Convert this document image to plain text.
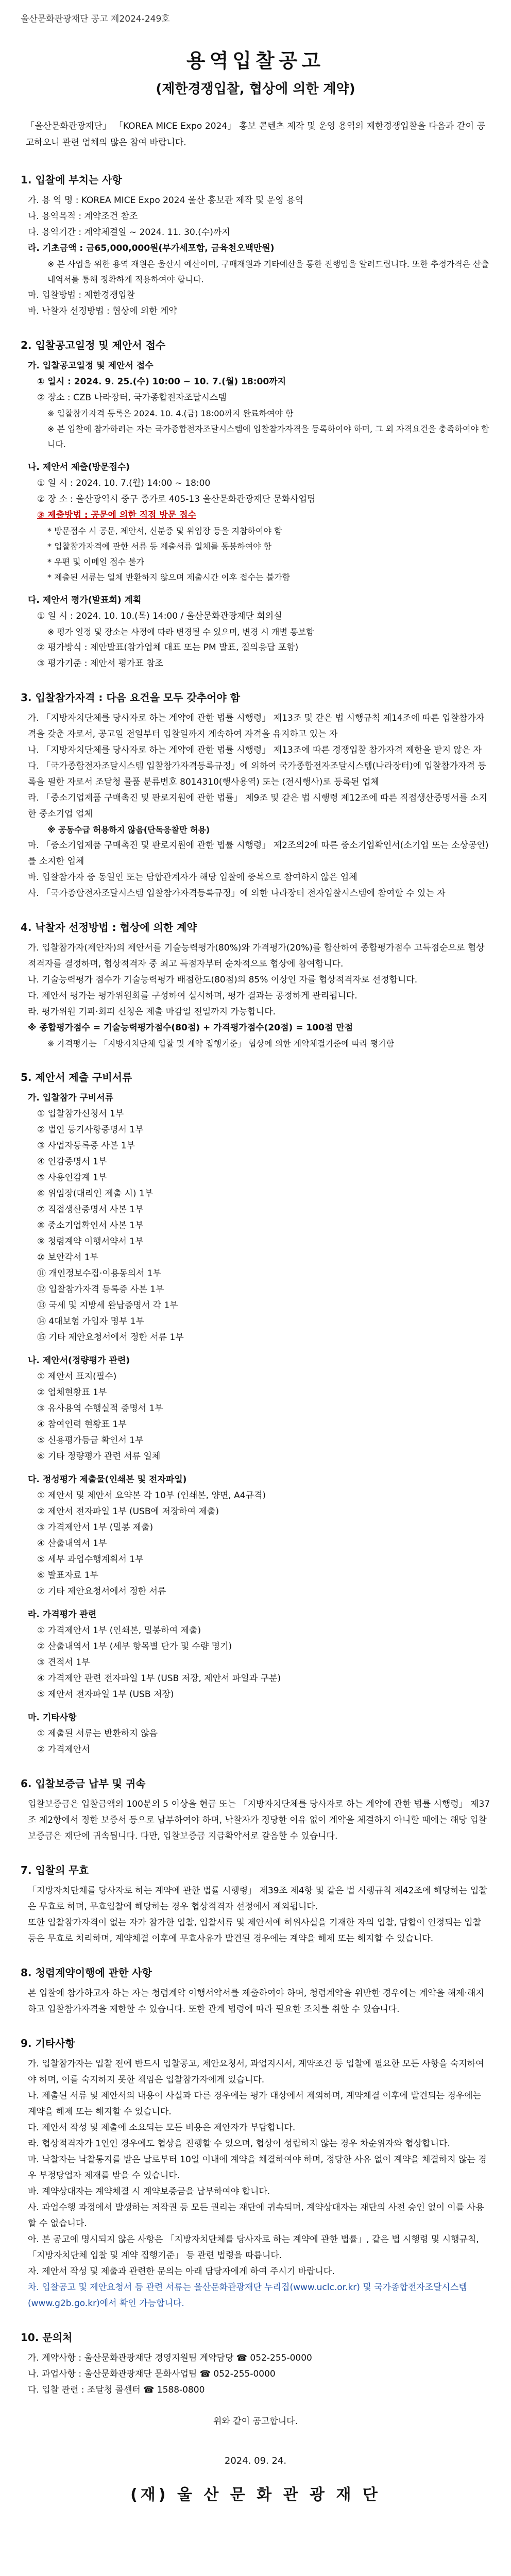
울산문화관광재단 공고 제2024-249호
용역입찰공고
(제한경쟁입찰, 협상에 의한 계약)
「울산문화관광재단」 「KOREA MICE Expo 2024」 홍보 콘텐츠 제작 및 운영 용역의 제한경쟁입찰을 다음과 같이 공고하오니 관련 업체의 많은 참여 바랍니다.
1. 입찰에 부치는 사항

가. 용 역 명 : KOREA MICE Expo 2024 울산 홍보관 제작 및 운영 용역

나. 용역목적 : 계약조건 참조

다. 용역기간 : 계약체결일 ~ 2024. 11. 30.(수)까지

라. 기초금액 : 금65,000,000원(부가세포함, 금육천오백만원)

※ 본 사업을 위한 용역 재원은 울산시 예산이며, 구매재원과 기타예산을 통한 진행임을 알려드립니다. 또한 추정가격은 산출내역서를 통해 정확하게 적용하여야 합니다.

마. 입찰방법 : 제한경쟁입찰

바. 낙찰자 선정방법 : 협상에 의한 계약

2. 입찰공고일정 및 제안서 접수

가. 입찰공고일정 및 제안서 접수

① 일시 : 2024. 9. 25.(수) 10:00 ~ 10. 7.(월) 18:00까지

② 장소 : CZB 나라장터, 국가종합전자조달시스템

※ 입찰참가자격 등록은 2024. 10. 4.(금) 18:00까지 완료하여야 함

※ 본 입찰에 참가하려는 자는 국가종합전자조달시스템에 입찰참가자격을 등록하여야 하며, 그 외 자격요건을 충족하여야 합니다.

나. 제안서 제출(방문접수)

① 일 시 : 2024. 10. 7.(월) 14:00 ~ 18:00

② 장 소 : 울산광역시 중구 종가로 405-13 울산문화관광재단 문화사업팀

③ 제출방법 : 공문에 의한 직접 방문 접수

* 방문접수 시 공문, 제안서, 신분증 및 위임장 등을 지참하여야 함

* 입찰참가자격에 관한 서류 등 제출서류 일체를 동봉하여야 함

* 우편 및 이메일 접수 불가

* 제출된 서류는 일체 반환하지 않으며 제출시간 이후 접수는 불가함

다. 제안서 평가(발표회) 계획

① 일 시 : 2024. 10. 10.(목) 14:00 / 울산문화관광재단 회의실

※ 평가 일정 및 장소는 사정에 따라 변경될 수 있으며, 변경 시 개별 통보함

② 평가방식 : 제안발표(참가업체 대표 또는 PM 발표, 질의응답 포함)

③ 평가기준 : 제안서 평가표 참조

3. 입찰참가자격 : 다음 요건을 모두 갖추어야 함

가. 「지방자치단체를 당사자로 하는 계약에 관한 법률 시행령」 제13조 및 같은 법 시행규칙 제14조에 따른 입찰참가자격을 갖춘 자로서, 공고일 전일부터 입찰일까지 계속하여 자격을 유지하고 있는 자

나. 「지방자치단체를 당사자로 하는 계약에 관한 법률 시행령」 제13조에 따른 경쟁입찰 참가자격 제한을 받지 않은 자

다. 「국가종합전자조달시스템 입찰참가자격등록규정」에 의하여 국가종합전자조달시스템(나라장터)에 입찰참가자격 등록을 필한 자로서 조달청 물품 분류번호 8014310(행사용역) 또는 (전시행사)로 등록된 업체

라. 「중소기업제품 구매촉진 및 판로지원에 관한 법률」 제9조 및 같은 법 시행령 제12조에 따른 직접생산증명서를 소지한 중소기업 업체

※ 공동수급 허용하지 않음(단독응찰만 허용)

마. 「중소기업제품 구매촉진 및 판로지원에 관한 법률 시행령」 제2조의2에 따른 중소기업확인서(소기업 또는 소상공인)를 소지한 업체

바. 입찰참가자 중 동일인 또는 담합관계자가 해당 입찰에 중복으로 참여하지 않은 업체

사. 「국가종합전자조달시스템 입찰참가자격등록규정」에 의한 나라장터 전자입찰시스템에 참여할 수 있는 자

4. 낙찰자 선정방법 : 협상에 의한 계약

가. 입찰참가자(제안자)의 제안서를 기술능력평가(80%)와 가격평가(20%)를 합산하여 종합평가점수 고득점순으로 협상적격자를 결정하며, 협상적격자 중 최고 득점자부터 순차적으로 협상에 참여합니다.

나. 기술능력평가 점수가 기술능력평가 배점한도(80점)의 85% 이상인 자를 협상적격자로 선정합니다.

다. 제안서 평가는 평가위원회를 구성하여 실시하며, 평가 결과는 공정하게 관리됩니다.

라. 평가위원 기피·회피 신청은 제출 마감일 전일까지 가능합니다.

※ 종합평가점수 = 기술능력평가점수(80점) + 가격평가점수(20점) = 100점 만점

※ 가격평가는 「지방자치단체 입찰 및 계약 집행기준」 협상에 의한 계약체결기준에 따라 평가함

5. 제안서 제출 구비서류

가. 입찰참가 구비서류

① 입찰참가신청서 1부

② 법인 등기사항증명서 1부

③ 사업자등록증 사본 1부

④ 인감증명서 1부

⑤ 사용인감계 1부

⑥ 위임장(대리인 제출 시) 1부

⑦ 직접생산증명서 사본 1부

⑧ 중소기업확인서 사본 1부

⑨ 청렴계약 이행서약서 1부

⑩ 보안각서 1부

⑪ 개인정보수집·이용동의서 1부

⑫ 입찰참가자격 등록증 사본 1부

⑬ 국세 및 지방세 완납증명서 각 1부

⑭ 4대보험 가입자 명부 1부

⑮ 기타 제안요청서에서 정한 서류 1부

나. 제안서(정량평가 관련)

① 제안서 표지(필수)

② 업체현황표 1부

③ 유사용역 수행실적 증명서 1부

④ 참여인력 현황표 1부

⑤ 신용평가등급 확인서 1부

⑥ 기타 정량평가 관련 서류 일체

다. 정성평가 제출물(인쇄본 및 전자파일)

① 제안서 및 제안서 요약본 각 10부 (인쇄본, 양면, A4규격)

② 제안서 전자파일 1부 (USB에 저장하여 제출)

③ 가격제안서 1부 (밀봉 제출)

④ 산출내역서 1부

⑤ 세부 과업수행계획서 1부

⑥ 발표자료 1부

⑦ 기타 제안요청서에서 정한 서류

라. 가격평가 관련

① 가격제안서 1부 (인쇄본, 밀봉하여 제출)

② 산출내역서 1부 (세부 항목별 단가 및 수량 명기)

③ 견적서 1부

④ 가격제안 관련 전자파일 1부 (USB 저장, 제안서 파일과 구분)

⑤ 제안서 전자파일 1부 (USB 저장)

마. 기타사항

① 제출된 서류는 반환하지 않음

② 가격제안서

6. 입찰보증금 납부 및 귀속

입찰보증금은 입찰금액의 100분의 5 이상을 현금 또는 「지방자치단체를 당사자로 하는 계약에 관한 법률 시행령」 제37조 제2항에서 정한 보증서 등으로 납부하여야 하며, 낙찰자가 정당한 이유 없이 계약을 체결하지 아니할 때에는 해당 입찰보증금은 재단에 귀속됩니다. 다만, 입찰보증금 지급확약서로 갈음할 수 있습니다.

7. 입찰의 무효

「지방자치단체를 당사자로 하는 계약에 관한 법률 시행령」 제39조 제4항 및 같은 법 시행규칙 제42조에 해당하는 입찰은 무효로 하며, 무효입찰에 해당하는 경우 협상적격자 선정에서 제외됩니다.

또한 입찰참가자격이 없는 자가 참가한 입찰, 입찰서류 및 제안서에 허위사실을 기재한 자의 입찰, 담합이 인정되는 입찰 등은 무효로 처리하며, 계약체결 이후에 무효사유가 발견된 경우에는 계약을 해제 또는 해지할 수 있습니다.

8. 청렴계약이행에 관한 사항

본 입찰에 참가하고자 하는 자는 청렴계약 이행서약서를 제출하여야 하며, 청렴계약을 위반한 경우에는 계약을 해제·해지하고 입찰참가자격을 제한할 수 있습니다. 또한 관계 법령에 따라 필요한 조치를 취할 수 있습니다.

9. 기타사항

가. 입찰참가자는 입찰 전에 반드시 입찰공고, 제안요청서, 과업지시서, 계약조건 등 입찰에 필요한 모든 사항을 숙지하여야 하며, 이를 숙지하지 못한 책임은 입찰참가자에게 있습니다.

나. 제출된 서류 및 제안서의 내용이 사실과 다른 경우에는 평가 대상에서 제외하며, 계약체결 이후에 발견되는 경우에는 계약을 해제 또는 해지할 수 있습니다.

다. 제안서 작성 및 제출에 소요되는 모든 비용은 제안자가 부담합니다.

라. 협상적격자가 1인인 경우에도 협상을 진행할 수 있으며, 협상이 성립하지 않는 경우 차순위자와 협상합니다.

마. 낙찰자는 낙찰통지를 받은 날로부터 10일 이내에 계약을 체결하여야 하며, 정당한 사유 없이 계약을 체결하지 않는 경우 부정당업자 제재를 받을 수 있습니다.

바. 계약상대자는 계약체결 시 계약보증금을 납부하여야 합니다.

사. 과업수행 과정에서 발생하는 저작권 등 모든 권리는 재단에 귀속되며, 계약상대자는 재단의 사전 승인 없이 이를 사용할 수 없습니다.

아. 본 공고에 명시되지 않은 사항은 「지방자치단체를 당사자로 하는 계약에 관한 법률」, 같은 법 시행령 및 시행규칙, 「지방자치단체 입찰 및 계약 집행기준」 등 관련 법령을 따릅니다.

자. 제안서 작성 및 제출과 관련한 문의는 아래 담당자에게 하여 주시기 바랍니다.

차. 입찰공고 및 제안요청서 등 관련 서류는 울산문화관광재단 누리집(www.uclc.or.kr) 및 국가종합전자조달시스템(www.g2b.go.kr)에서 확인 가능합니다.

10. 문의처

가. 계약사항 : 울산문화관광재단 경영지원팀 계약담당 ☎ 052-255-0000

나. 과업사항 : 울산문화관광재단 문화사업팀 ☎ 052-255-0000

다. 입찰 관련 : 조달청 콜센터 ☎ 1588-0800

위와 같이 공고합니다.
2024. 09. 24.
(재) 울 산 문 화 관 광 재 단
